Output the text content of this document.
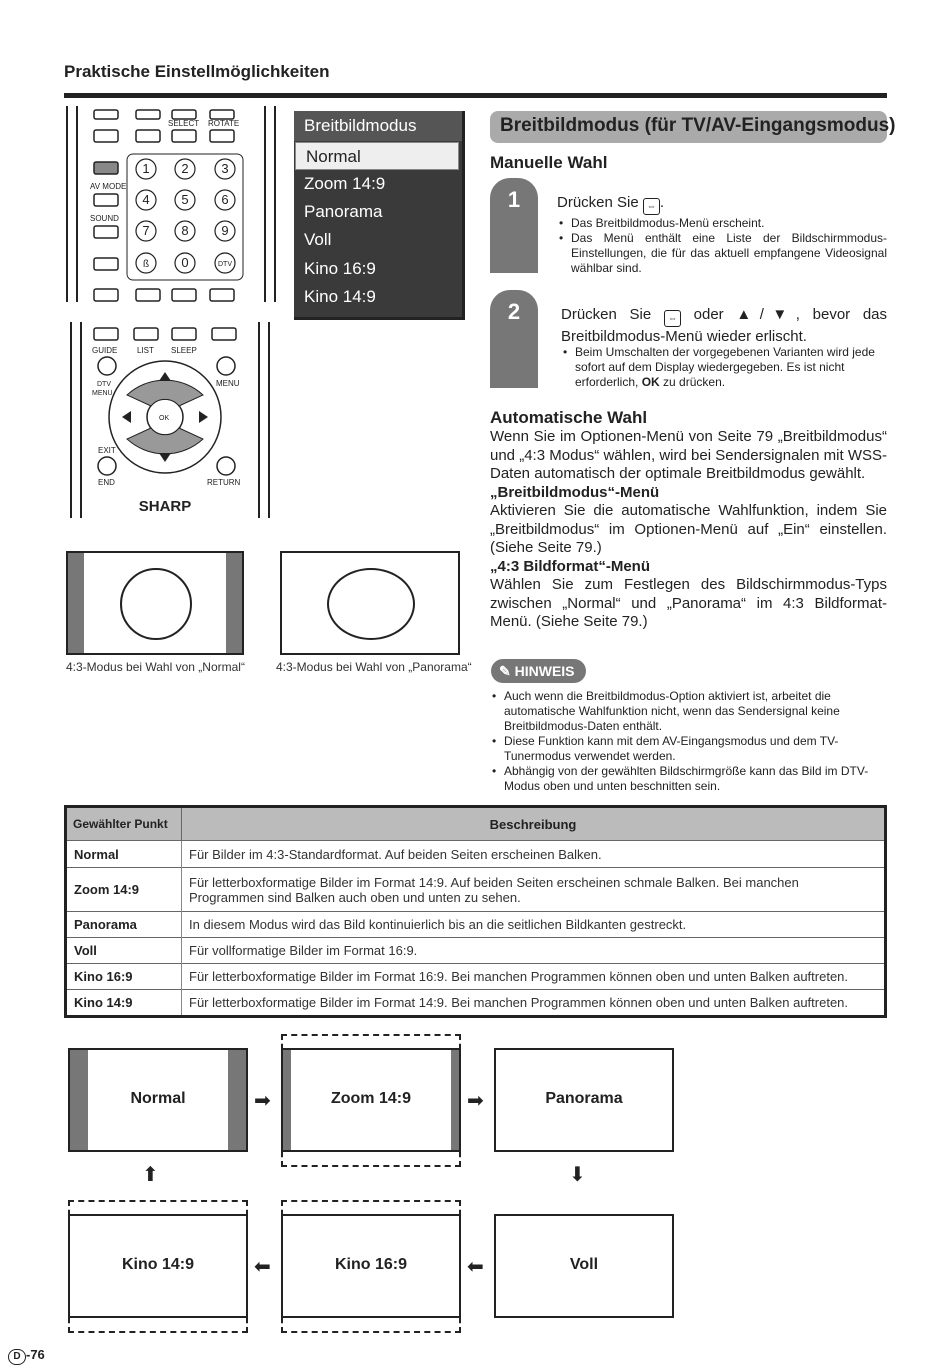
Praktische Einstellmöglichkeiten
1 2	3
4 5	6
7 8	9
ß 0	DTV
SELECT ROTATE
AV MODE
SOUND
GUIDE LIST SLEEP
DTV
MENU
MENU
OK
EXIT
END	RETURN
SHARP
Breitbildmodus
Normal
Zoom 14:9
Panorama
Voll
Kino 16:9
Kino 14:9
4:3-Modus bei Wahl von „Normal“	4:3-Modus bei Wahl von „Panorama“
Breitbildmodus (für TV/AV-Eingangsmodus)
Manuelle Wahl
1	Drücken Sie ⇔ .
• Das Breitbildmodus-Menü erscheint.
• Das Menü enthält eine Liste der Bildschirmmodus-Einstellungen, die für das aktuell empfangene Videosignal wählbar sind.
2	Drücken Sie ⇔ oder ▲/▼, bevor das Breitbildmodus-Menü wieder erlischt.
• Beim Umschalten der vorgegebenen Varianten wird jede sofort auf dem Display wiedergegeben. Es ist nicht erforderlich, OK zu drücken.
Automatische Wahl
Wenn Sie im Optionen-Menü von Seite 79 „Breitbildmodus“ und „4:3 Modus“ wählen, wird bei Sendersignalen mit WSS-Daten automatisch der optimale Breitbildmodus gewählt.
„Breitbildmodus“-Menü
Aktivieren Sie die automatische Wahlfunktion, indem Sie „Breitbildmodus“ im Optionen-Menü auf „Ein“ einstellen. (Siehe Seite 79.)
„4:3 Bildformat“-Menü
Wählen Sie zum Festlegen des Bildschirmmodus-Typs zwischen „Normal“ und „Panorama“ im 4:3 Bildformat-Menü. (Siehe Seite 79.)
✎ HINWEIS
• Auch wenn die Breitbildmodus-Option aktiviert ist, arbeitet die automatische Wahlfunktion nicht, wenn das Sendersignal keine Breitbildmodus-Daten enthält.
• Diese Funktion kann mit dem AV-Eingangsmodus und dem TV-Tunermodus verwendet werden.
• Abhängig von der gewählten Bildschirmgröße kann das Bild im DTV-Modus oben und unten beschnitten sein.
Gewählter Punkt	Beschreibung
Normal	Für Bilder im 4:3-Standardformat. Auf beiden Seiten erscheinen Balken.
Zoom 14:9	Für letterboxformatige Bilder im Format 14:9. Auf beiden Seiten erscheinen schmale Balken. Bei manchen Programmen sind Balken auch oben und unten zu sehen.
Panorama	In diesem Modus wird das Bild kontinuierlich bis an die seitlichen Bildkanten gestreckt.
Voll	Für vollformatige Bilder im Format 16:9.
Kino 16:9	Für letterboxformatige Bilder im Format 16:9. Bei manchen Programmen können oben und unten Balken auftreten.
Kino 14:9	Für letterboxformatige Bilder im Format 14:9. Bei manchen Programmen können oben und unten Balken auftreten.
Normal	➡	Zoom 14:9	➡	Panorama
⬇
⬆
Kino 14:9	⬅	Kino 16:9	⬅	Voll
D -76
